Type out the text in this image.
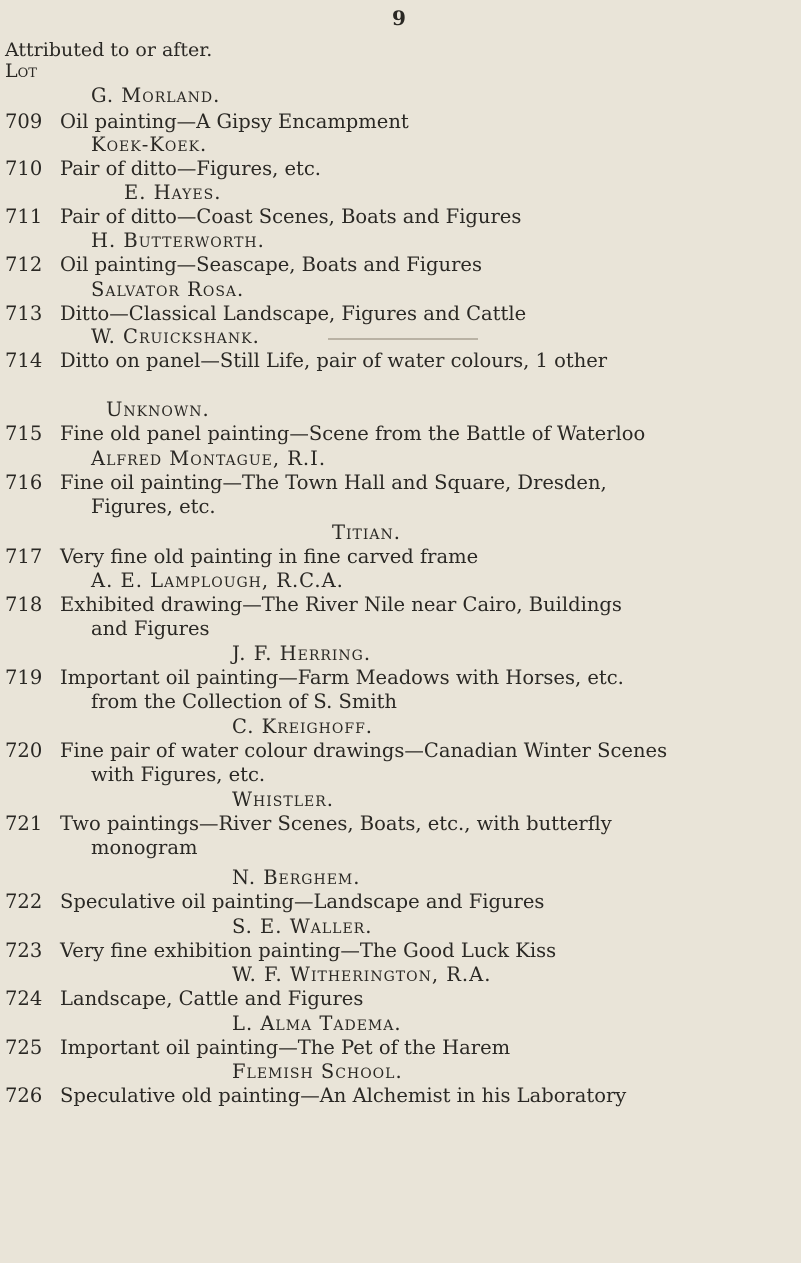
9
Attributed to or after.
Lot
G. Morland.
709 Oil painting—A Gipsy Encampment
Koek-Koek.
710 Pair of ditto—Figures, etc.
E. Hayes.
711 Pair of ditto—Coast Scenes, Boats and Figures
H. Butterworth.
712 Oil painting—Seascape, Boats and Figures
Salvator Rosa.
713 Ditto—Classical Landscape, Figures and Cattle
W. Cruickshank.
714 Ditto on panel—Still Life, pair of water colours, 1 other
Unknown.
715 Fine old panel painting—Scene from the Battle of Waterloo
Alfred Montague, R.I.
716 Fine oil painting—The Town Hall and Square, Dresden,
Figures, etc.
Titian.
717 Very fine old painting in fine carved frame
A. E. Lamplough, R.C.A.
718 Exhibited drawing—The River Nile near Cairo, Buildings
and Figures
J. F. Herring.
719 Important oil painting—Farm Meadows with Horses, etc.
from the Collection of S. Smith
C. Kreighoff.
720 Fine pair of water colour drawings—Canadian Winter Scenes
with Figures, etc.
Whistler.
721 Two paintings—River Scenes, Boats, etc., with butterfly
monogram
N. Berghem.
722 Speculative oil painting—Landscape and Figures
S. E. Waller.
723 Very fine exhibition painting—The Good Luck Kiss
W. F. Witherington, R.A.
724 Landscape, Cattle and Figures
L. Alma Tadema.
725 Important oil painting—The Pet of the Harem
Flemish School.
726 Speculative old painting—An Alchemist in his Laboratory
